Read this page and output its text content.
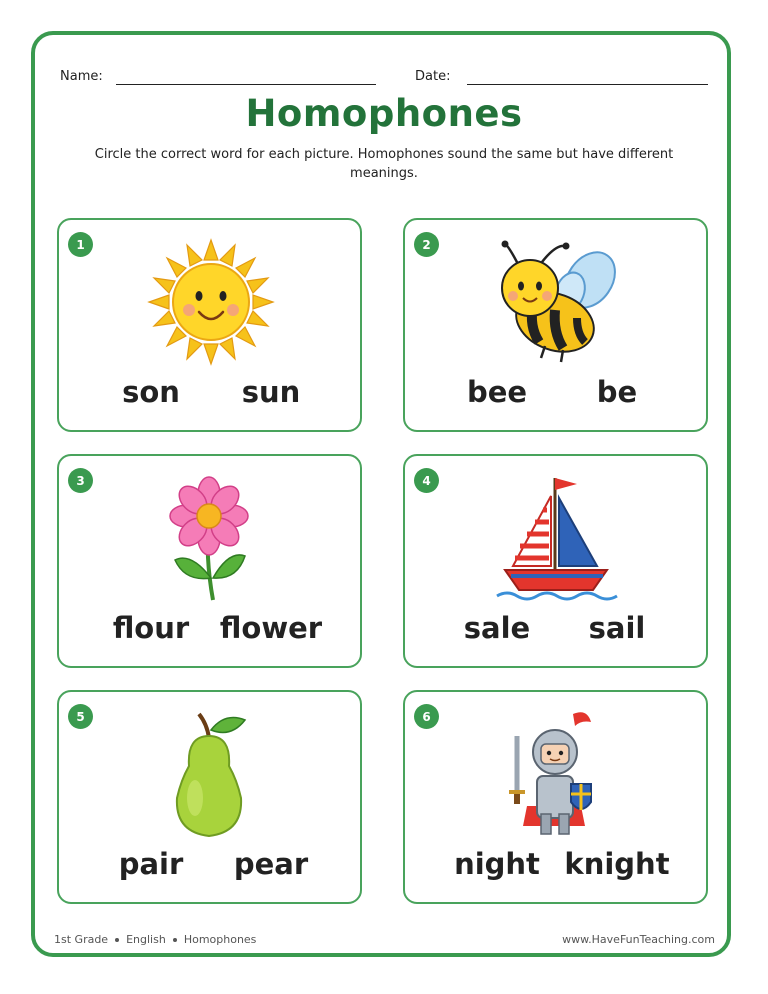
Name:	Date:
Homophones
Circle the correct word for each picture. Homophones sound the same but have different meanings.
1
son	sun
2
bee	be
3
flour	flower
4
sale	sail
5
pair	pear
6
night knight
1st Grade English Homophones	www.HaveFunTeaching.com
